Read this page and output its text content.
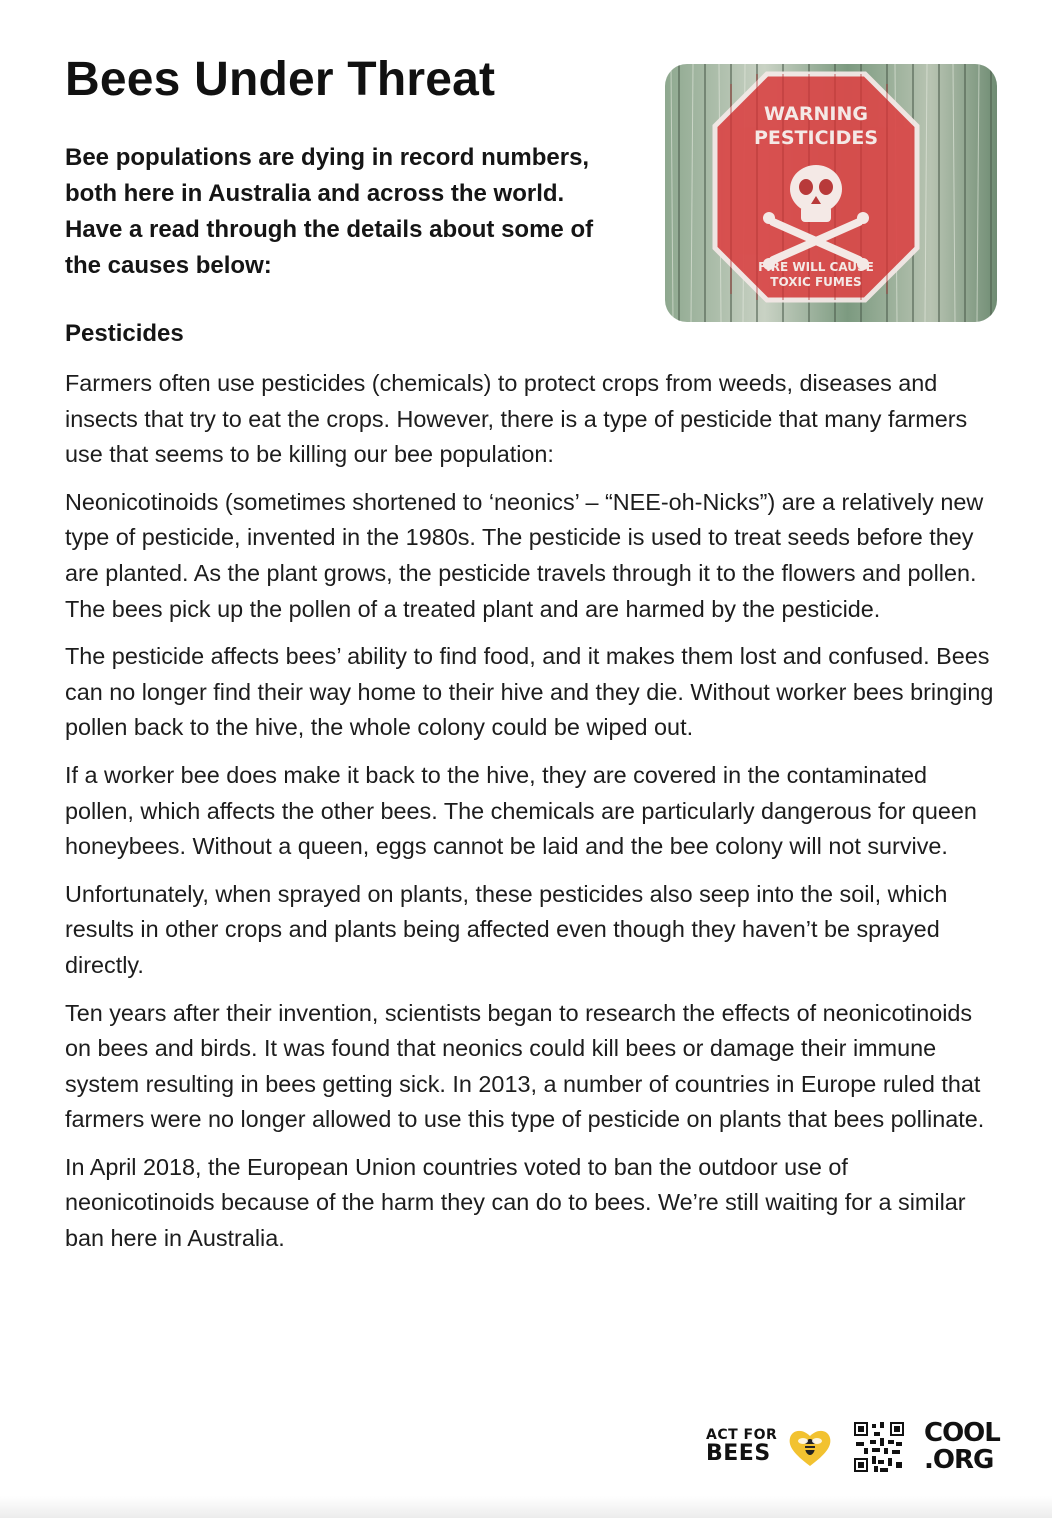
Bees Under Threat

Bee populations are dying in record numbers, both here in Australia and across the world. Have a read through the details about some of the causes below:

WARNING
PESTICIDES
FIRE WILL CAUSE
TOXIC FUMES
Pesticides

Farmers often use pesticides (chemicals) to protect crops from weeds, diseases and insects that try to eat the crops. However, there is a type of pesticide that many farmers use that seems to be killing our bee population:

Neonicotinoids (sometimes shortened to ‘neonics’ – “NEE-oh-Nicks”) are a relatively new type of pesticide, invented in the 1980s. The pesticide is used to treat seeds before they are planted. As the plant grows, the pesticide travels through it to the flowers and pollen. The bees pick up the pollen of a treated plant and are harmed by the pesticide.

The pesticide affects bees’ ability to find food, and it makes them lost and confused. Bees can no longer find their way home to their hive and they die. Without worker bees bringing pollen back to the hive, the whole colony could be wiped out.

If a worker bee does make it back to the hive, they are covered in the contaminated pollen, which affects the other bees. The chemicals are particularly dangerous for queen honeybees. Without a queen, eggs cannot be laid and the bee colony will not survive.

Unfortunately, when sprayed on plants, these pesticides also seep into the soil, which results in other crops and plants being affected even though they haven’t be sprayed directly.

Ten years after their invention, scientists began to research the effects of neonicotinoids on bees and birds. It was found that neonics could kill bees or damage their immune system resulting in bees getting sick. In 2013, a number of countries in Europe ruled that farmers were no longer allowed to use this type of pesticide on plants that bees pollinate.

In April 2018, the European Union countries voted to ban the outdoor use of neonicotinoids because of the harm they can do to bees. We’re still waiting for a similar ban here in Australia.

ACT FOR
BEES
COOL
.ORG
